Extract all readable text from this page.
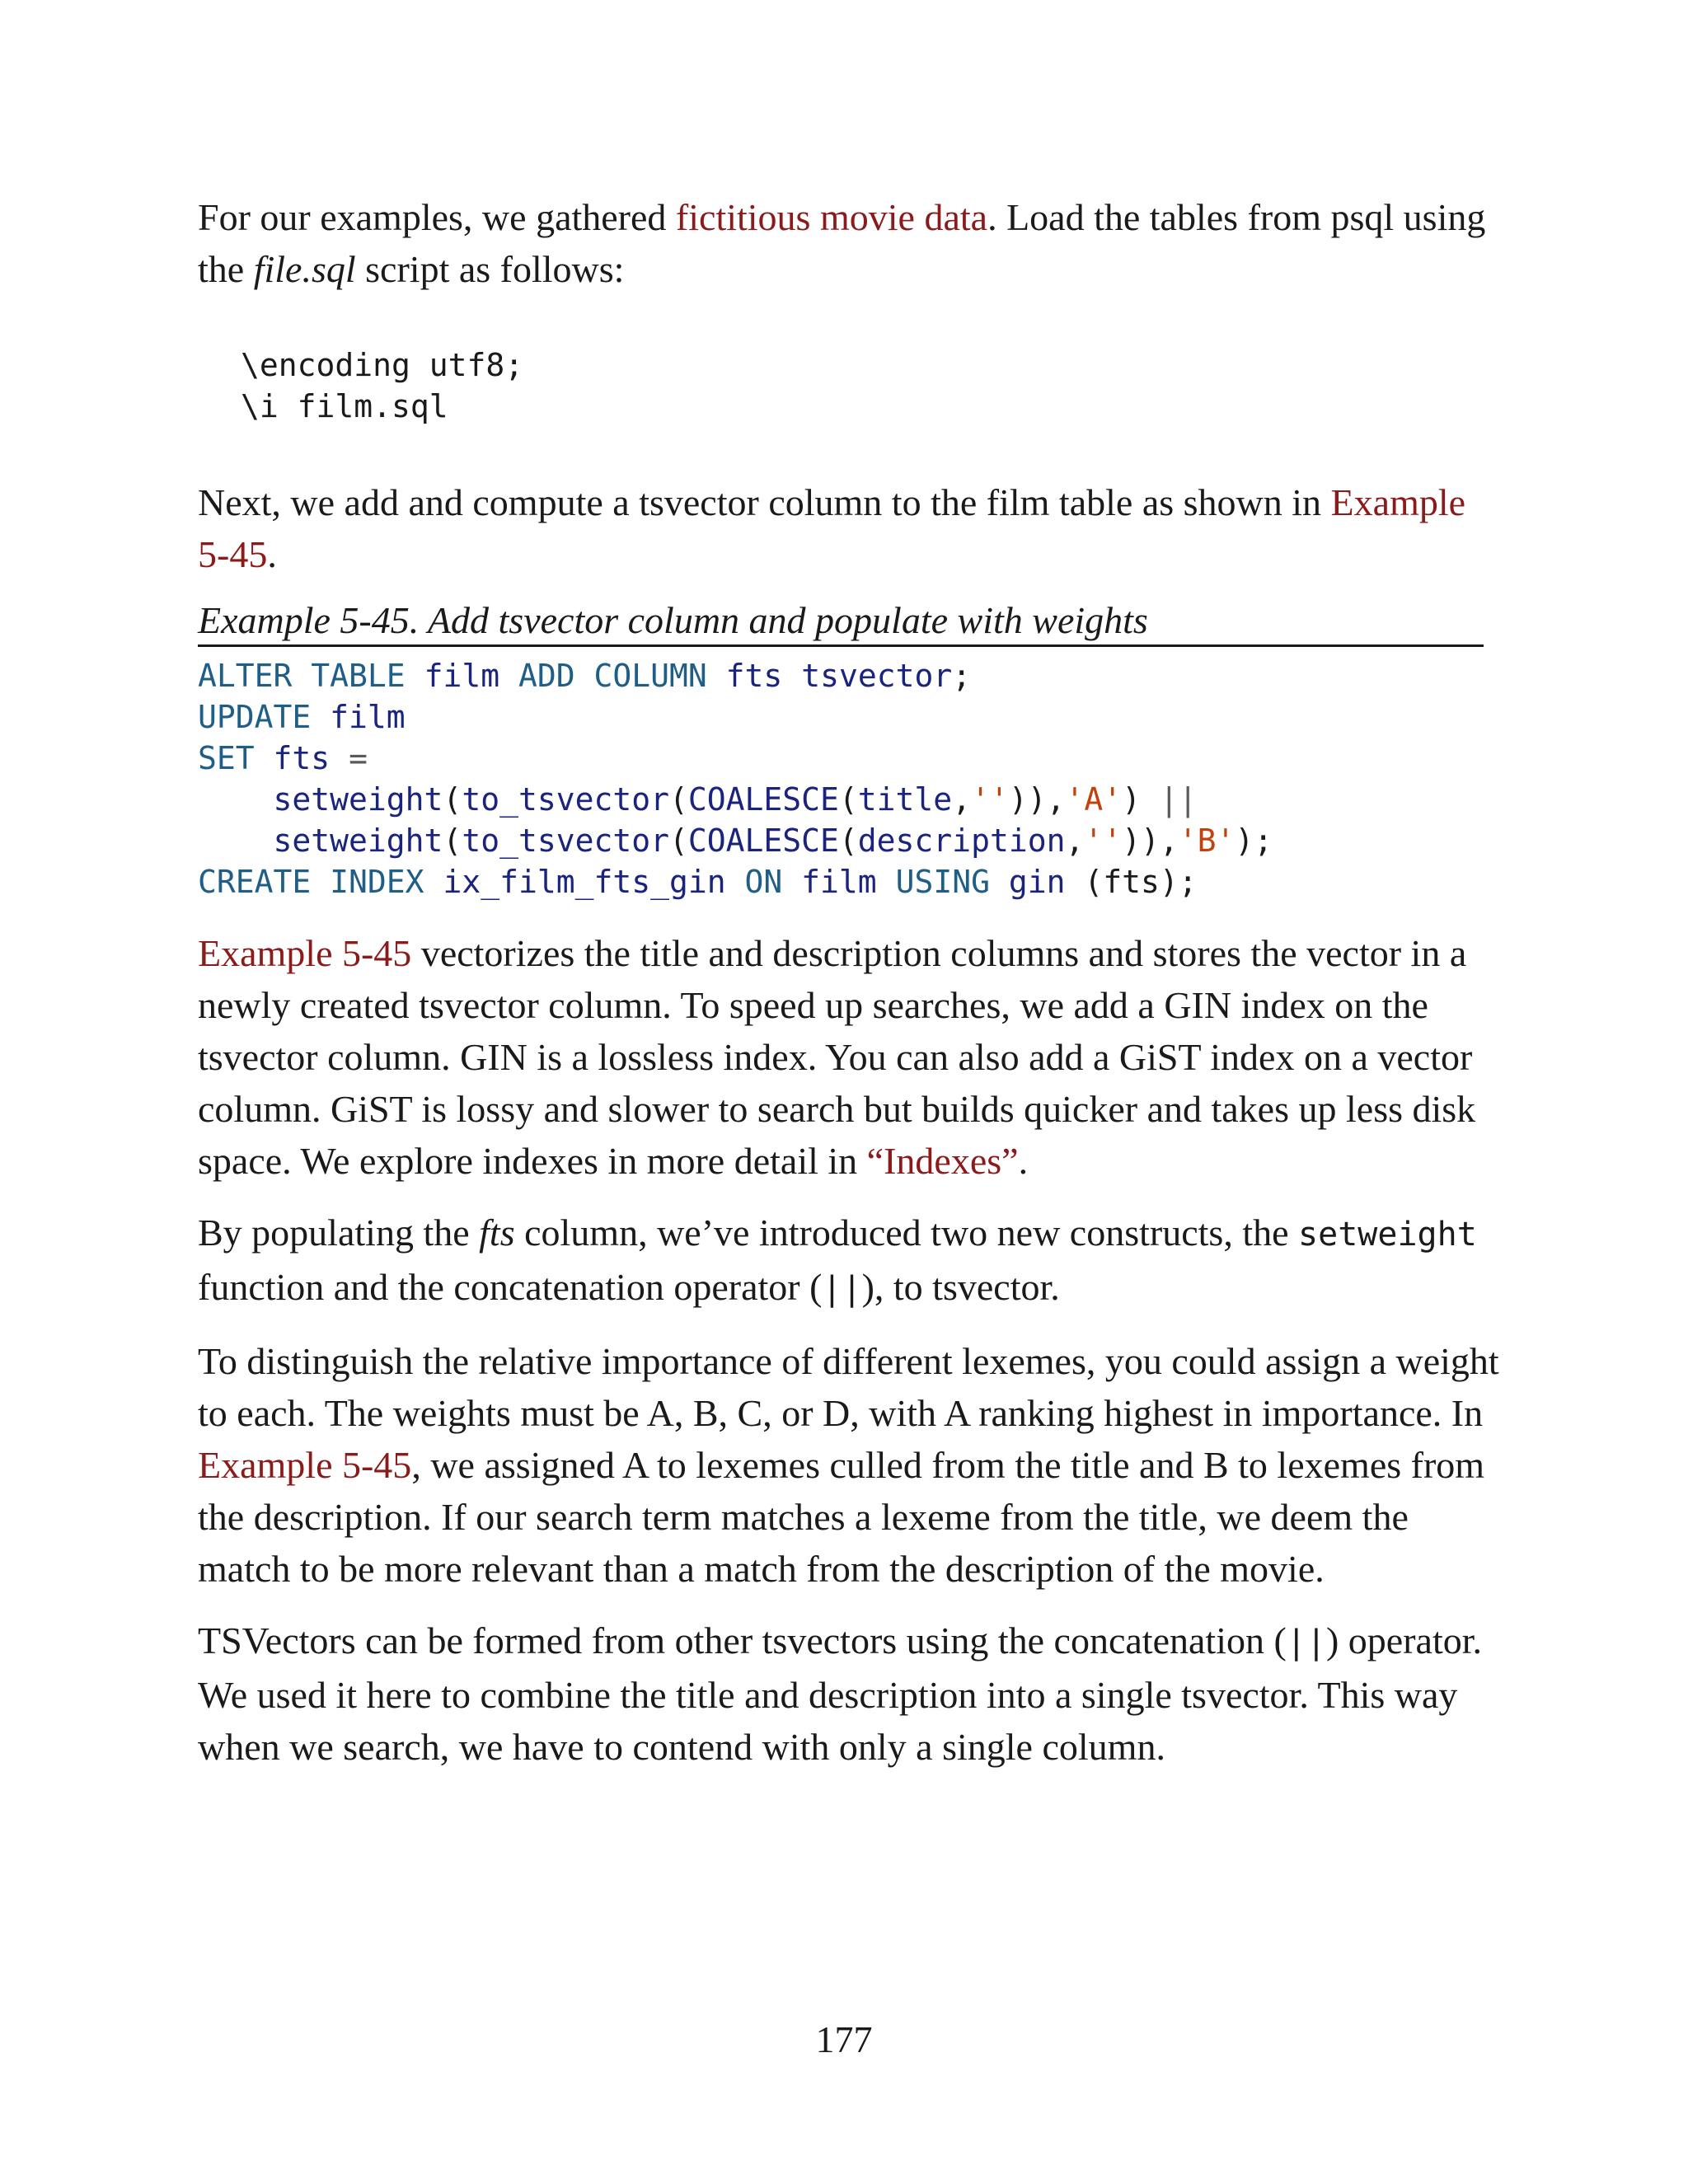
For our examples, we gathered fictitious movie data. Load the tables from psql using the file.sql script as follows:

\encoding utf8;
\i film.sql

Next, we add and compute a tsvector column to the film table as shown in Example 5-45.

Example 5-45. Add tsvector column and populate with weights
ALTER TABLE film ADD COLUMN fts tsvector;
UPDATE film
SET fts =
setweight(to_tsvector(COALESCE(title,'')),'A') ||
setweight(to_tsvector(COALESCE(description,'')),'B');
CREATE INDEX ix_film_fts_gin ON film USING gin (fts);

Example 5-45 vectorizes the title and description columns and stores the vector in a newly created tsvector column. To speed up searches, we add a GIN index on the tsvector column. GIN is a lossless index. You can also add a GiST index on a vector column. GiST is lossy and slower to search but builds quicker and takes up less disk space. We explore indexes in more detail in “Indexes”.

By populating the fts column, we’ve introduced two new constructs, the setweight function and the concatenation operator (||), to tsvector.

To distinguish the relative importance of different lexemes, you could assign a weight to each. The weights must be A, B, C, or D, with A ranking highest in importance. In Example 5-45, we assigned A to lexemes culled from the title and B to lexemes from the description. If our search term matches a lexeme from the title, we deem the match to be more relevant than a match from the description of the movie.

TSVectors can be formed from other tsvectors using the concatenation (||) operator. We used it here to combine the title and description into a single tsvector. This way when we search, we have to contend with only a single column.

177
